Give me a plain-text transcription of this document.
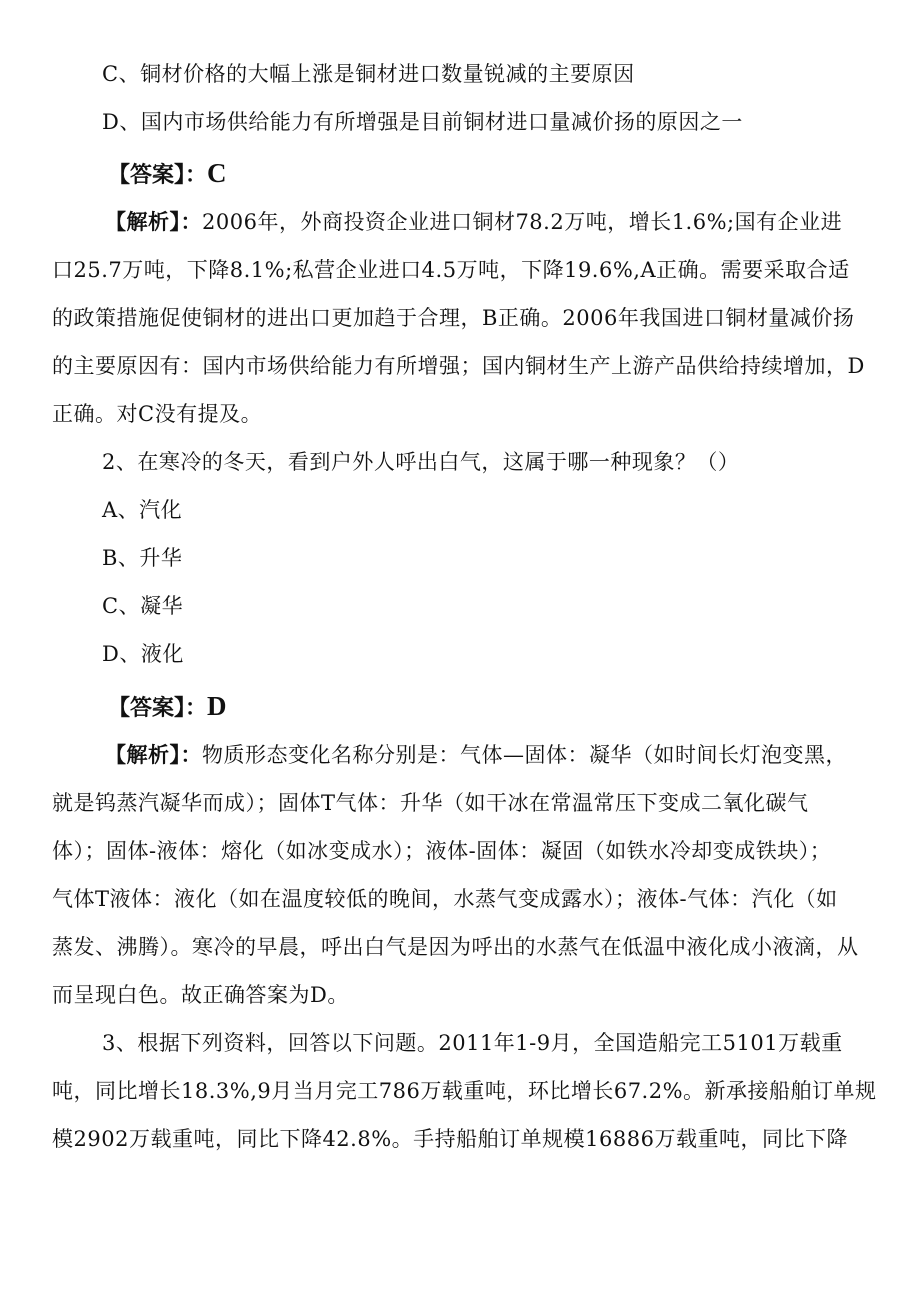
C、铜材价格的大幅上涨是铜材进口数量锐减的主要原因
D、国内市场供给能力有所增强是目前铜材进口量减价扬的原因之一
【答案】：C
【解析】：2006年，外商投资企业进口铜材78.2万吨，增长1.6%;国有企业进
口25.7万吨，下降8.1%;私营企业进口4.5万吨，下降19.6%,A正确。需要采取合适
的政策措施促使铜材的进出口更加趋于合理，B正确。2006年我国进口铜材量减价扬
的主要原因有：国内市场供给能力有所增强；国内铜材生产上游产品供给持续增加，D
正确。对C没有提及。
2、在寒冷的冬天，看到户外人呼出白气，这属于哪一种现象？（）
A、汽化
B、升华
C、凝华
D、液化
【答案】：D
【解析】：物质形态变化名称分别是：气体—固体：凝华（如时间长灯泡变黑，
就是钨蒸汽凝华而成）；固体T气体：升华（如干冰在常温常压下变成二氧化碳气
体）；固体-液体：熔化（如冰变成水）；液体-固体：凝固（如铁水冷却变成铁块）；
气体T液体：液化（如在温度较低的晚间，水蒸气变成露水）；液体-气体：汽化（如
蒸发、沸腾）。寒冷的早晨，呼出白气是因为呼出的水蒸气在低温中液化成小液滴，从
而呈现白色。故正确答案为D。
3、根据下列资料，回答以下问题。2011年1-9月，全国造船完工5101万载重
吨，同比增长18.3%,9月当月完工786万载重吨，环比增长67.2%。新承接船舶订单规
模2902万载重吨，同比下降42.8%。手持船舶订单规模16886万载重吨，同比下降
